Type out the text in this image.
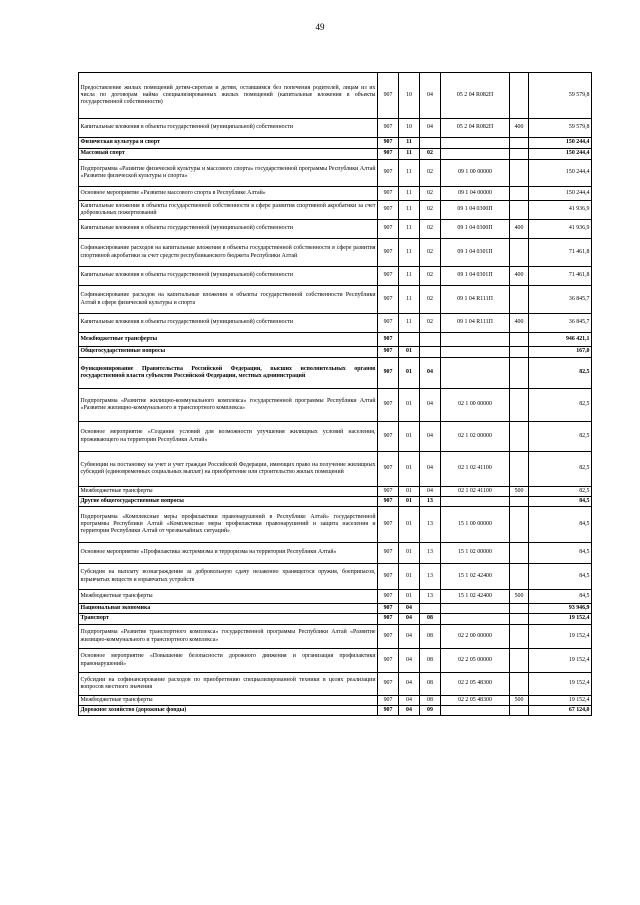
49
Предоставление жилых помещений детям-сиротам и детям, оставшимся без попечения родителей, лицам из их числа по договорам найма специализированных жилых помещений (капитальные вложения в объекты государственной собственности)	907	10	04	05 2 04 R082П		59 579,8
Капитальные вложения в объекты государственной (муниципальной) собственности	907	10	04	05 2 04 R082П	400	59 579,8
Физическая культура и спорт	907	11				150 244,4
Массовый спорт	907	11	02			150 244,4
Подпрограмма «Развитие физической культуры и массового спорта» государственной программы Республики Алтай «Развитие физической культуры и спорта»	907	11	02	09 1 00 00000		150 244,4
Основное мероприятие «Развитие массового спорта в Республике Алтай»	907	11	02	09 1 04 00000		150 244,4
Капитальные вложения в объекты государственной собственности в сфере развития спортивной акробатики за счет добровольных пожертвований	907	11	02	09 1 04 0300П		41 936,9
Капитальные вложения в объекты государственной (муниципальной) собственности	907	11	02	09 1 04 0300П	400	41 936,9
Софинансирование расходов на капитальные вложения в объекты государственной собственности в сфере развития спортивной акробатики за счет средств республиканского бюджета Республики Алтай	907	11	02	09 1 04 0301П		71 461,8
Капитальные вложения в объекты государственной (муниципальной) собственности	907	11	02	09 1 04 0301П	400	71 461,8
Софинансирование расходов на капитальные вложения в объекты государственной собственности Республики Алтай в сфере физической культуры и спорта	907	11	02	09 1 04 R111П		36 845,7
Капитальные вложения в объекты государственной (муниципальной) собственности	907	11	02	09 1 04 R111П	400	36 845,7
Межбюджетные трансферты	907					946 421,1
Общегосударственные вопросы	907	01				167,0
Функционирование Правительства Российской Федерации, высших исполнительных органов государственной власти субъектов Российской Федерации, местных администраций	907	01	04			82,5
Подпрограмма «Развитие жилищно-коммунального комплекса» государственной программы Республики Алтай «Развитие жилищно-коммунального и транспортного комплекса»	907	01	04	02 1 00 00000		82,5
Основное мероприятие «Создание условий для возможности улучшения жилищных условий населения, проживающего на территории Республики Алтай»	907	01	04	02 1 02 00000		82,5
Субвенции на постановку на учет и учет граждан Российской Федерации, имеющих право на получение жилищных субсидий (единовременных социальных выплат) на приобретение или строительство жилых помещений	907	01	04	02 1 02 41100		82,5
Межбюджетные трансферты	907	01	04	02 1 02 41100	500	82,5
Другие общегосударственные вопросы	907	01	13			84,5
Подпрограмма «Комплексные меры профилактики правонарушений в Республике Алтай» государственной программы Республики Алтай «Комплексные меры профилактики правонарушений и защита населения и территории Республики Алтай от чрезвычайных ситуаций»	907	01	13	15 1 00 00000		84,5
Основное мероприятие «Профилактика экстремизма и терроризма на территории Республики Алтай»	907	01	13	15 1 02 00000		84,5
Субсидия на выплату вознаграждения за добровольную сдачу незаконно хранящегося оружия, боеприпасов, взрывчатых веществ и взрывчатых устройств	907	01	13	15 1 02 42400		84,5
Межбюджетные трансферты	907	01	13	15 1 02 42400	500	84,5
Национальная экономика	907	04				93 946,9
Транспорт	907	04	08			19 152,4
Подпрограмма «Развитие транспортного комплекса» государственной программы Республики Алтай «Развитие жилищно-коммунального и транспортного комплекса»	907	04	08	02 2 00 00000		19 152,4
Основное мероприятие «Повышение безопасности дорожного движения и организация профилактики правонарушений»	907	04	08	02 2 05 00000		19 152,4
Субсидии на софинансирование расходов по приобретению специализированной техники в целях реализации вопросов местного значения	907	04	08	02 2 05 48300		19 152,4
Межбюджетные трансферты	907	04	08	02 2 05 48300	500	19 152,4
Дорожное хозяйство (дорожные фонды)	907	04	09			67 124,0
